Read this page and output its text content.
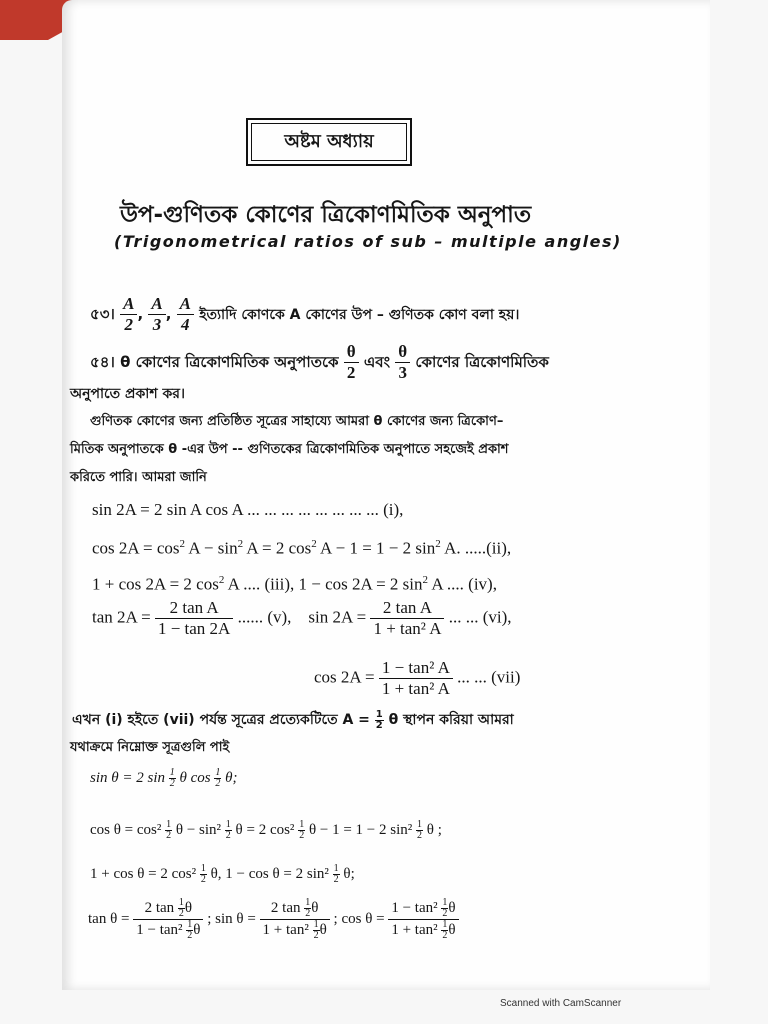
অষ্টম অধ্যায়
উপ-গুণিতক কোণের ত্রিকোণমিতিক অনুপাত
(Trigonometrical ratios of sub – multiple angles)
৫৩। $\frac{A}{2}$ , $\frac{A}{3}$ , $\frac{A}{4}$ ইত্যাদি কোণকে A কোণের উপ – গুণিতক কোণ বলা হয়।
৫৪। θ কোণের ত্রিকোণমিতিক অনুপাতকে $\frac{\theta}{2}$ এবং $\frac{\theta}{3}$ কোণের ত্রিকোণমিতিক
অনুপাতে প্রকাশ কর।
গুণিতক কোণের জন্য প্রতিষ্ঠিত সূত্রের সাহায্যে আমরা θ কোণের জন্য ত্রিকোণ–
মিতিক অনুপাতকে θ -এর উপ -- গুণিতকের ত্রিকোণমিতিক অনুপাতে সহজেই প্রকাশ
করিতে পারি। আমরা জানি
sin 2A = 2 sin A cos A ... ... ... ... ... ... ... ... (i),
$\cos 2A = \cos^2 A - \sin^2 A = 2$ $\cos^2 A - 1 = 1 - 2$ $\sin^2 A$. .....(ii),
1 + cos 2A = 2 $\cos^2 A$ .... (iii), 1 − cos 2A = 2 $\sin^2 A$ .... (iv),
$\tan 2A = \frac{\text{2 tan A}}{1 - \tan 2A}$ ...... (v), $\sin 2A = \frac{\text{2 tan A}}{\text{1 + tan² A}}$ ... ... (vi),
$\cos 2A = \frac{\text{1 − tan² A}}{\text{1 + tan² A}}$ ... ... (vii)
এখন (i) হইতে (vii) পর্যন্ত সূত্রের প্রত্যেকটিতে $A = \frac{1}{2}$ θ স্থাপন করিয়া আমরা
যথাক্রমে নিম্নোক্ত সূত্রগুলি পাই
sin θ = 2 $\sin \frac{1}{2}$ θ $\cos \frac{1}{2} \theta$;
$\cos \theta = \cos^2 \frac{1}{2}$ $\theta - \sin^2 \frac{1}{2}$ θ = 2 $\cos^2 \frac{1}{2}$ θ − 1 = 1 − 2 $\sin^2 \frac{1}{2}$ θ ;
1 + cos θ = 2 $\cos^2 \frac{1}{2} \theta$, 1 − cos θ = 2 $\sin^2 \frac{1}{2} \theta$;
$\tan \theta = \frac{2 \tan \frac{1}{2} \theta}{1 - \tan^2 \frac{1}{2} \theta}$ ; $\sin \theta = \frac{2 \tan \frac{1}{2} \theta}{1 + \tan^2 \frac{1}{2} \theta}$ ; $\cos \theta = \frac{1 - \tan^2 \frac{1}{2} \theta}{1 + \tan^2 \frac{1}{2} \theta}$
Scanned with CamScanner
